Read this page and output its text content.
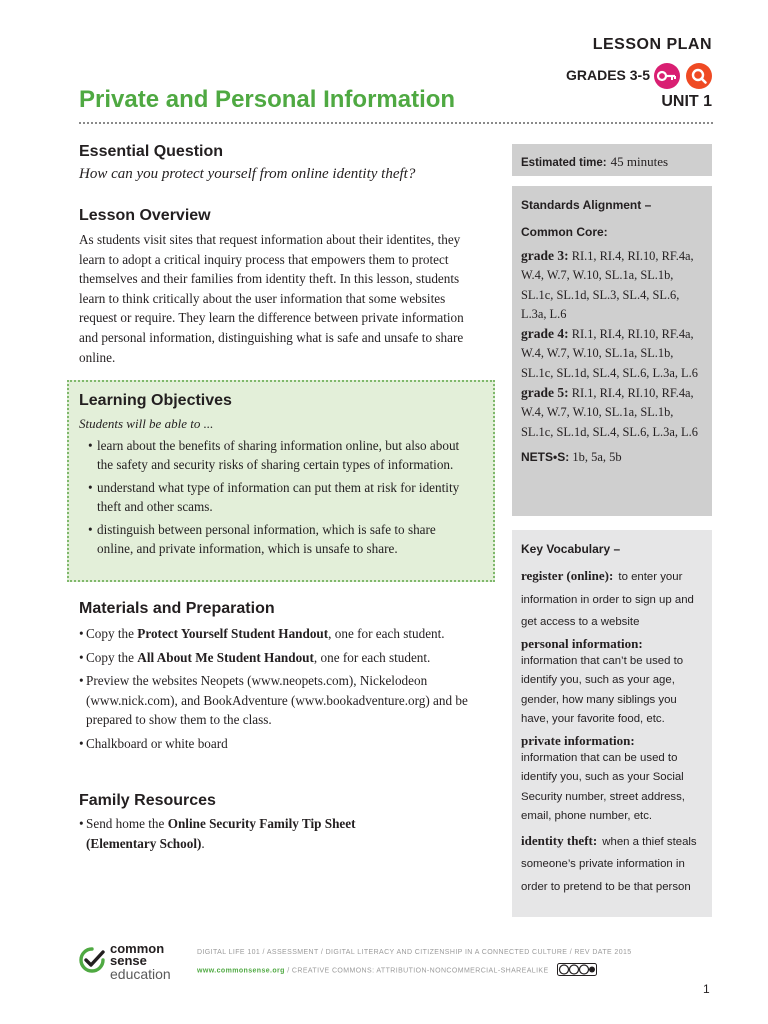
LESSON PLAN
GRADES 3-5
UNIT 1
Private and Personal Information
Essential Question
How can you protect yourself from online identity theft?
Lesson Overview

As students visit sites that request information about their identites, they learn to adopt a critical inquiry process that empowers them to protect themselves and their families from identity theft. In this lesson, students learn to think critically about the user information that some websites request or require. They learn the difference between private information and personal information, distinguishing what is safe and unsafe to share online.

Learning Objectives
Students will be able to ...
• learn about the benefits of sharing information online, but also about the safety and security risks of sharing certain types of information.
• understand what type of information can put them at risk for identity theft and other scams.
• distinguish between personal information, which is safe to share online, and private information, which is unsafe to share.
Materials and Preparation
• Copy the Protect Yourself Student Handout, one for each student.
• Copy the All About Me Student Handout, one for each student.
• Preview the websites Neopets (www.neopets.com), Nickelodeon (www.nick.com), and BookAdventure (www.bookadventure.org) and be prepared to show them to the class.
• Chalkboard or white board
Family Resources
• Send home the Online Security Family Tip Sheet (Elementary School).
Estimated time: 45 minutes
Standards Alignment –
Common Core:
grade 3: RI.1, RI.4, RI.10, RF.4a, W.4, W.7, W.10, SL.1a, SL.1b, SL.1c, SL.1d, SL.3, SL.4, SL.6, L.3a, L.6
grade 4: RI.1, RI.4, RI.10, RF.4a, W.4, W.7, W.10, SL.1a, SL.1b, SL.1c, SL.1d, SL.4, SL.6, L.3a, L.6
grade 5: RI.1, RI.4, RI.10, RF.4a, W.4, W.7, W.10, SL.1a, SL.1b, SL.1c, SL.1d, SL.4, SL.6, L.3a, L.6
NETS•S: 1b, 5a, 5b
Key Vocabulary –
register (online): to enter your information in order to sign up and get access to a website
personal information:
information that can’t be used to identify you, such as your age, gender, how many siblings you have, your favorite food, etc.
private information:
information that can be used to identify you, such as your Social Security number, street address, email, phone number, etc.
identity theft: when a thief steals someone’s private information in order to pretend to be that person
common
sense
education
DIGITAL LIFE 101 / ASSESSMENT / DIGITAL LITERACY AND CITIZENSHIP IN A CONNECTED CULTURE / REV DATE 2015
www.commonsense.org / CREATIVE COMMONS: ATTRIBUTION-NONCOMMERCIAL-SHAREALIKE
1
